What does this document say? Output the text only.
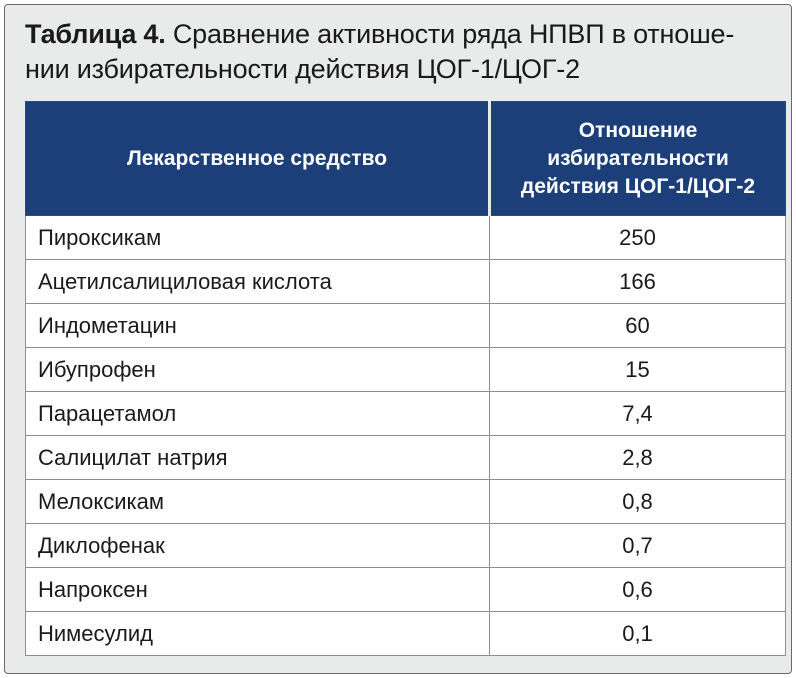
Таблица 4. Сравнение активности ряда НПВП в отноше-
нии избирательности действия ЦОГ-1/ЦОГ-2
Лекарственное средство	Отношение избирательности действия ЦОГ-1/ЦОГ-2
Пироксикам	250
Ацетилсалициловая кислота	166
Индометацин	60
Ибупрофен	15
Парацетамол	7,4
Салицилат натрия	2,8
Мелоксикам	0,8
Диклофенак	0,7
Напроксен	0,6
Нимесулид	0,1
